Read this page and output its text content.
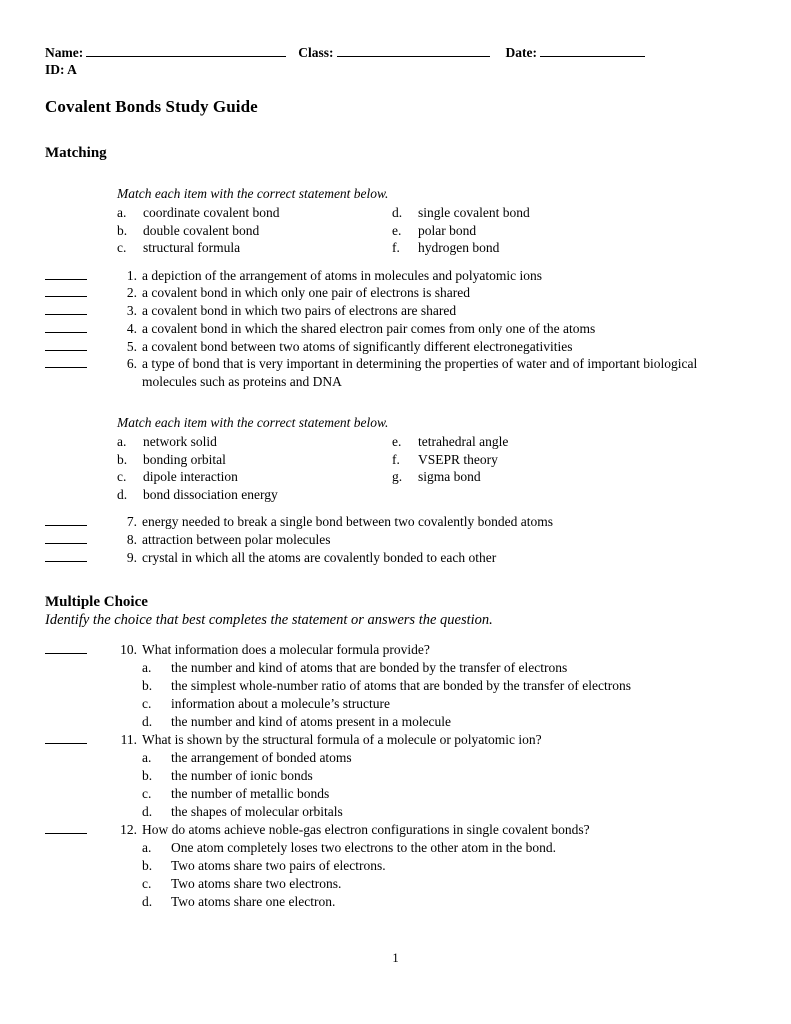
Name:	Class:	Date:
ID: A
Covalent Bonds Study Guide
Matching
Match each item with the correct statement below.
a.	coordinate covalent bond
b.	double covalent bond
c.	structural formula
d.	single covalent bond
e.	polar bond
f.	hydrogen bond
1. a depiction of the arrangement of atoms in molecules and polyatomic ions
2. a covalent bond in which only one pair of electrons is shared
3. a covalent bond in which two pairs of electrons are shared
4. a covalent bond in which the shared electron pair comes from only one of the atoms
5. a covalent bond between two atoms of significantly different electronegativities
6. a type of bond that is very important in determining the properties of water and of important biological molecules such as proteins and DNA
Match each item with the correct statement below.
a.	network solid
b.	bonding orbital
c.	dipole interaction
d.	bond dissociation energy
e.	tetrahedral angle
f.	VSEPR theory
g.	sigma bond
7. energy needed to break a single bond between two covalently bonded atoms
8. attraction between polar molecules
9. crystal in which all the atoms are covalently bonded to each other
Multiple Choice
Identify the choice that best completes the statement or answers the question.
10. What information does a molecular formula provide?
a.	the number and kind of atoms that are bonded by the transfer of electrons
b.	the simplest whole-number ratio of atoms that are bonded by the transfer of electrons
c.	information about a molecule’s structure
d.	the number and kind of atoms present in a molecule
11. What is shown by the structural formula of a molecule or polyatomic ion?
a.	the arrangement of bonded atoms
b.	the number of ionic bonds
c.	the number of metallic bonds
d.	the shapes of molecular orbitals
12. How do atoms achieve noble-gas electron configurations in single covalent bonds?
a.	One atom completely loses two electrons to the other atom in the bond.
b.	Two atoms share two pairs of electrons.
c.	Two atoms share two electrons.
d.	Two atoms share one electron.
1
